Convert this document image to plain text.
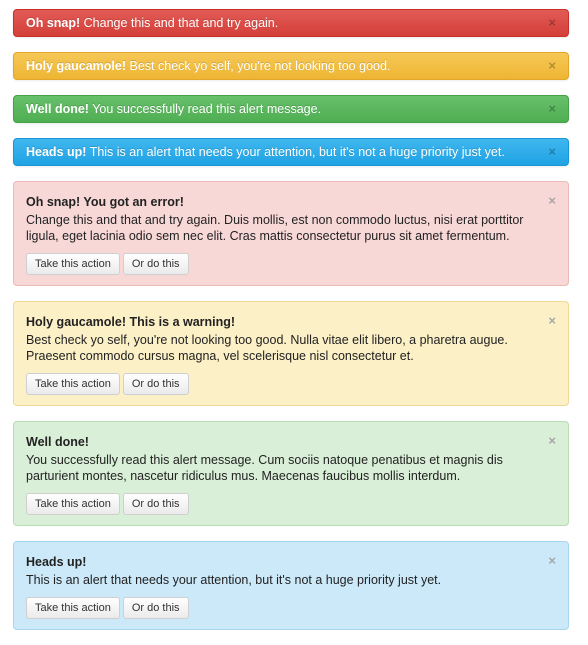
Oh snap! Change this and that and try again.	×
Holy gaucamole! Best check yo self, you're not looking too good.	×
Well done! You successfully read this alert message.	×
Heads up! This is an alert that needs your attention, but it's not a huge priority just yet.	×
×

Oh snap! You got an error!

Change this and that and try again. Duis mollis, est non commodo luctus, nisi erat porttitor ligula, eget lacinia odio sem nec elit. Cras mattis consectetur purus sit amet fermentum.

Take this action	Or do this
×

Holy gaucamole! This is a warning!

Best check yo self, you're not looking too good. Nulla vitae elit libero, a pharetra augue. Praesent commodo cursus magna, vel scelerisque nisl consectetur et.

Take this action	Or do this
×

Well done!

You successfully read this alert message. Cum sociis natoque penatibus et magnis dis parturient montes, nascetur ridiculus mus. Maecenas faucibus mollis interdum.

Take this action	Or do this
×

Heads up!

This is an alert that needs your attention, but it's not a huge priority just yet.

Take this action	Or do this
